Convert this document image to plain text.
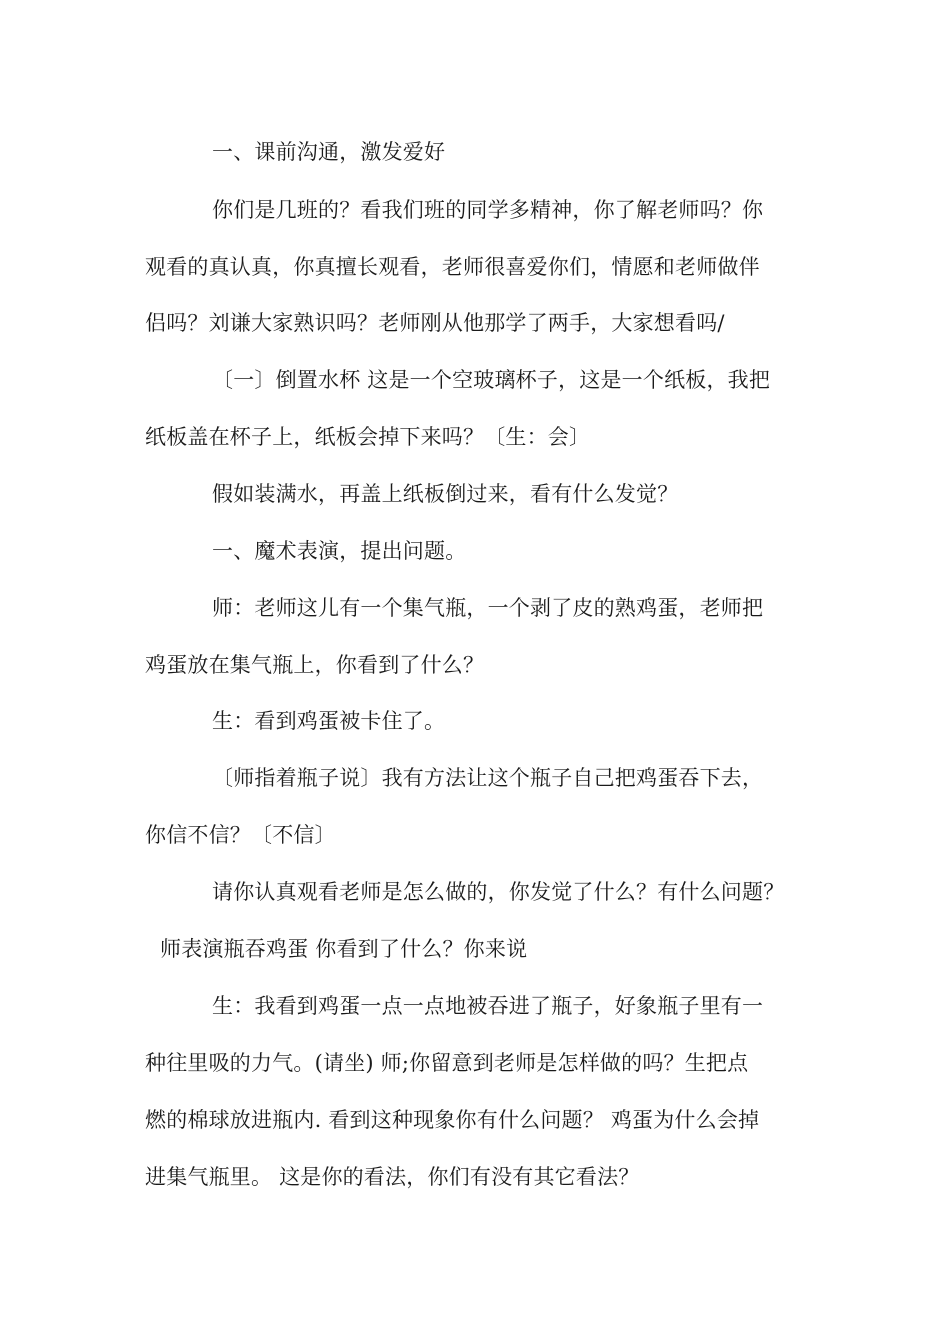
一、课前沟通，激发爱好
你们是几班的？看我们班的同学多精神，你了解老师吗？你
观看的真认真，你真擅长观看，老师很喜爱你们，情愿和老师做伴
侣吗？刘谦大家熟识吗？老师刚从他那学了两手，大家想看吗/
〔一〕倒置水杯 这是一个空玻璃杯子，这是一个纸板，我把
纸板盖在杯子上，纸板会掉下来吗？〔生：会〕
假如装满水，再盖上纸板倒过来，看有什么发觉？
一、魔术表演，提出问题。
师：老师这儿有一个集气瓶，一个剥了皮的熟鸡蛋，老师把
鸡蛋放在集气瓶上，你看到了什么？
生：看到鸡蛋被卡住了。
〔师指着瓶子说〕我有方法让这个瓶子自己把鸡蛋吞下去，
你信不信？〔不信〕
请你认真观看老师是怎么做的，你发觉了什么？有什么问题？
师表演瓶吞鸡蛋 你看到了什么？你来说
生：我看到鸡蛋一点一点地被吞进了瓶子，好象瓶子里有一
种往里吸的力气。(请坐) 师;你留意到老师是怎样做的吗？生把点
燃的棉球放进瓶内. 看到这种现象你有什么问题？ 鸡蛋为什么会掉
进集气瓶里。 这是你的看法，你们有没有其它看法？
